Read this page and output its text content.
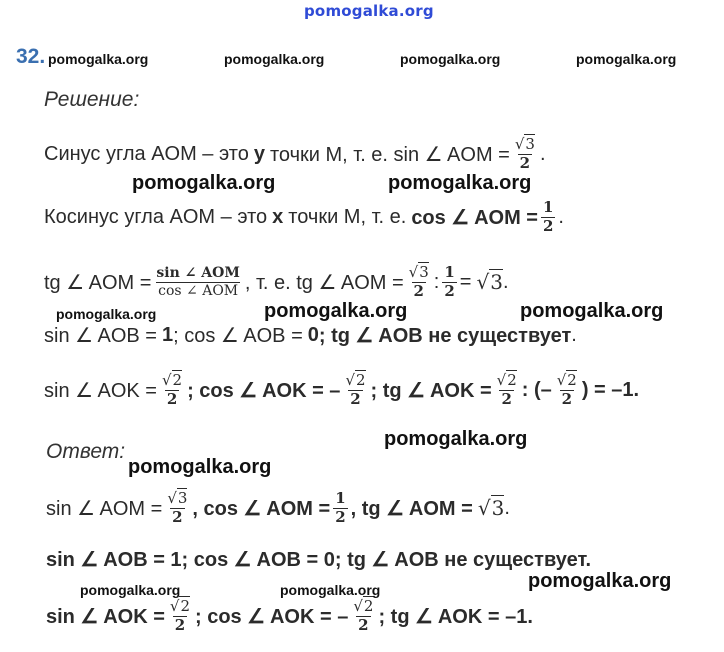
pomogalka.org
32. pomogalka.org	pomogalka.org	pomogalka.org	pomogalka.org
Решение:
Синус угла AOM – это y точки M, т. е. sin ∠ AOM = $\frac{√3}{2}$ .
pomogalka.org	pomogalka.org
Косинус угла AOM – это x точки M, т. е. cos ∠ AOM = $\frac{1}{2}$ .
tg ∠ AOM = $\frac{\text{sin ∠ AOM}}{\text{cos ∠ AOM}}$ , т. е. tg ∠ AOM = $\frac{√3}{2}$ : $\frac{1}{2} = √3$ .
pomogalka.org	pomogalka.org	pomogalka.org
sin ∠ AOB = 1 ; cos ∠ AOB = 0 ; tg ∠ AOB не существует .
sin ∠ AOK = $\frac{√2}{2}$ ; cos ∠ AOK = – $\frac{√2}{2}$ ; tg ∠ AOK = $\frac{√2}{2}$ : (– $\frac{√2}{2}$ ) = –1.
pomogalka.org
Ответ:
pomogalka.org
sin ∠ AOM = $\frac{√3}{2}$ , cos ∠ AOM = $\frac{1}{2}$ , tg ∠ AOM = √3 .
sin ∠ AOB = 1; cos ∠ AOB = 0; tg ∠ AOB не существует.
pomogalka.org
pomogalka.org	pomogalka.org
sin ∠ AOK = $\frac{√2}{2}$ ; cos ∠ AOK = – $\frac{√2}{2}$ ; tg ∠ AOK = –1.
